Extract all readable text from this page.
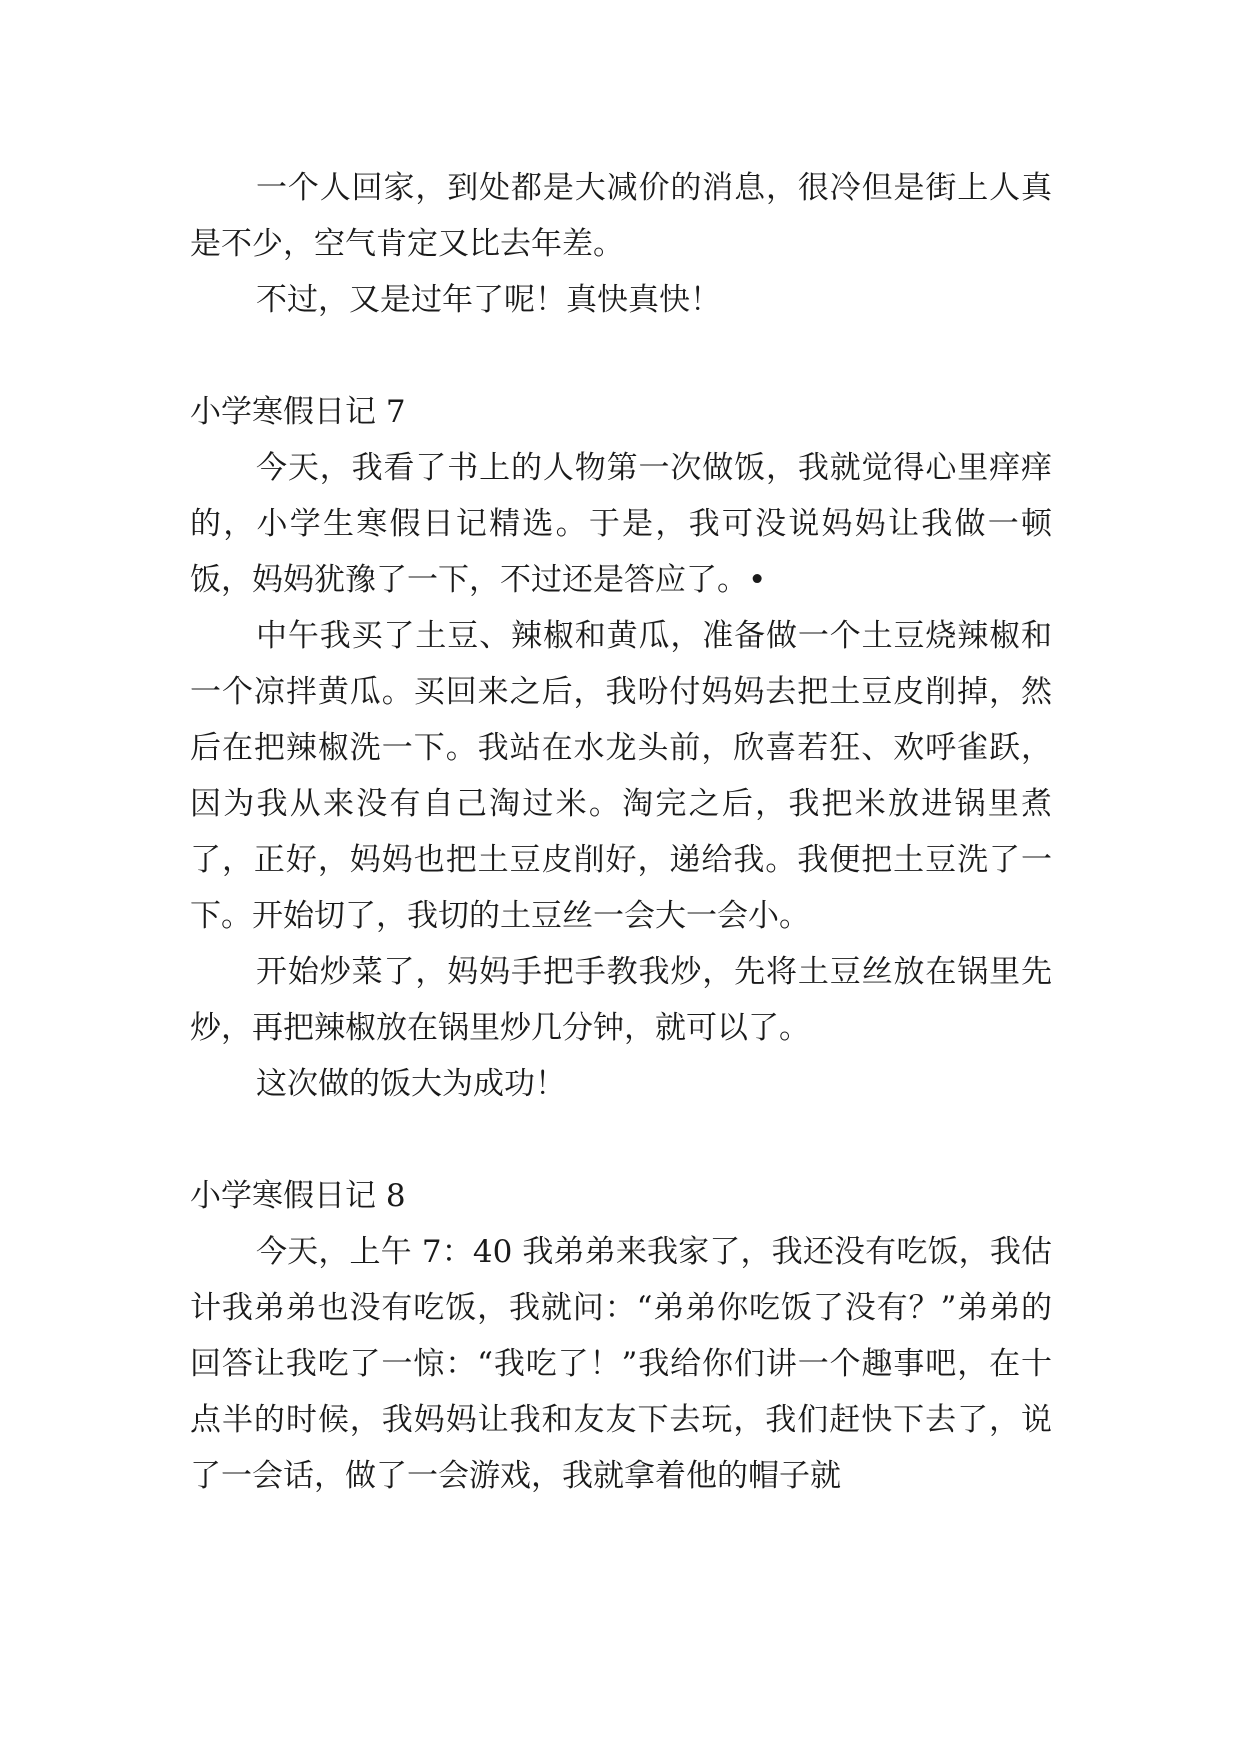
一个人回家，到处都是大减价的消息，很冷但是街上人真是不少，空气肯定又比去年差。

不过，又是过年了呢！真快真快！

小学寒假日记 7

今天，我看了书上的人物第一次做饭，我就觉得心里痒痒的，小学生寒假日记精选。于是，我可没说妈妈让我做一顿饭，妈妈犹豫了一下，不过还是答应了。•

中午我买了土豆、辣椒和黄瓜，准备做一个土豆烧辣椒和一个凉拌黄瓜。买回来之后，我吩付妈妈去把土豆皮削掉，然后在把辣椒洗一下。我站在水龙头前，欣喜若狂、欢呼雀跃，因为我从来没有自己淘过米。淘完之后，我把米放进锅里煮了，正好，妈妈也把土豆皮削好，递给我。我便把土豆洗了一下。开始切了，我切的土豆丝一会大一会小。

开始炒菜了，妈妈手把手教我炒，先将土豆丝放在锅里先炒，再把辣椒放在锅里炒几分钟，就可以了。

这次做的饭大为成功！

小学寒假日记 8

今天，上午 7：40 我弟弟来我家了，我还没有吃饭，我估计我弟弟也没有吃饭，我就问：“弟弟你吃饭了没有？”弟弟的回答让我吃了一惊：“我吃了！”我给你们讲一个趣事吧，在十点半的时候，我妈妈让我和友友下去玩，我们赶快下去了，说了一会话，做了一会游戏，我就拿着他的帽子就
